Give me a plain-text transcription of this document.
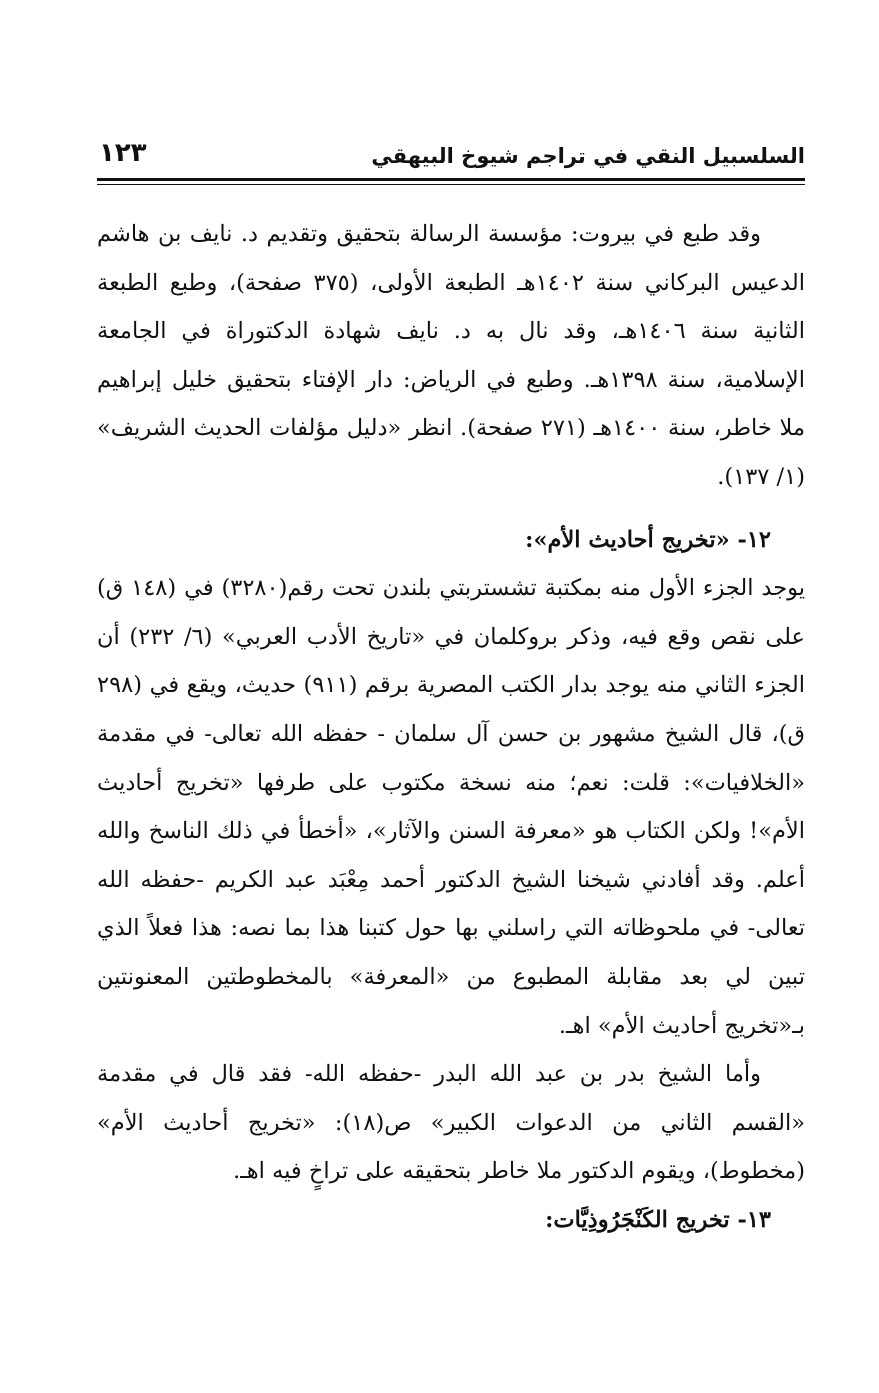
السلسبيل النقي في تراجم شيوخ البيهقي
١٢٣

وقد طبع في بيروت: مؤسسة الرسالة بتحقيق وتقديم د. نايف بن هاشم الدعيس البركاني سنة ١٤٠٢هـ الطبعة الأولى، (٣٧٥ صفحة)، وطبع الطبعة الثانية سنة ١٤٠٦هـ، وقد نال به د. نايف شهادة الدكتوراة في الجامعة الإسلامية، سنة ١٣٩٨هـ. وطبع في الرياض: دار الإفتاء بتحقيق خليل إبراهيم ملا خاطر، سنة ١٤٠٠هـ (٢٧١ صفحة). انظر «دليل مؤلفات الحديث الشريف» (١/ ١٣٧).

١٢- «تخريج أحاديث الأم»:

يوجد الجزء الأول منه بمكتبة تشستربتي بلندن تحت رقم(٣٢٨٠) في (١٤٨ ق) على نقص وقع فيه، وذكر بروكلمان في «تاريخ الأدب العربي» (٦/ ٢٣٢) أن الجزء الثاني منه يوجد بدار الكتب المصرية برقم (٩١١) حديث، ويقع في (٢٩٨ ق)، قال الشيخ مشهور بن حسن آل سلمان - حفظه الله تعالى- في مقدمة «الخلافيات»: قلت: نعم؛ منه نسخة مكتوب على طرفها «تخريج أحاديث الأم»! ولكن الكتاب هو «معرفة السنن والآثار»، «أخطأ في ذلك الناسخ والله أعلم. وقد أفادني شيخنا الشيخ الدكتور أحمد مِعْبَد عبد الكريم -حفظه الله تعالى- في ملحوظاته التي راسلني بها حول كتبنا هذا بما نصه: هذا فعلاً الذي تبين لي بعد مقابلة المطبوع من «المعرفة» بالمخطوطتين المعنونتين بـ«تخريج أحاديث الأم» اهـ.

وأما الشيخ بدر بن عبد الله البدر -حفظه الله- فقد قال في مقدمة «القسم الثاني من الدعوات الكبير» ص(١٨): «تخريج أحاديث الأم» (مخطوط)، ويقوم الدكتور ملا خاطر بتحقيقه على تراخٍ فيه اهـ.

١٣- تخريج الكَنْجَرُوذِيَّات:
